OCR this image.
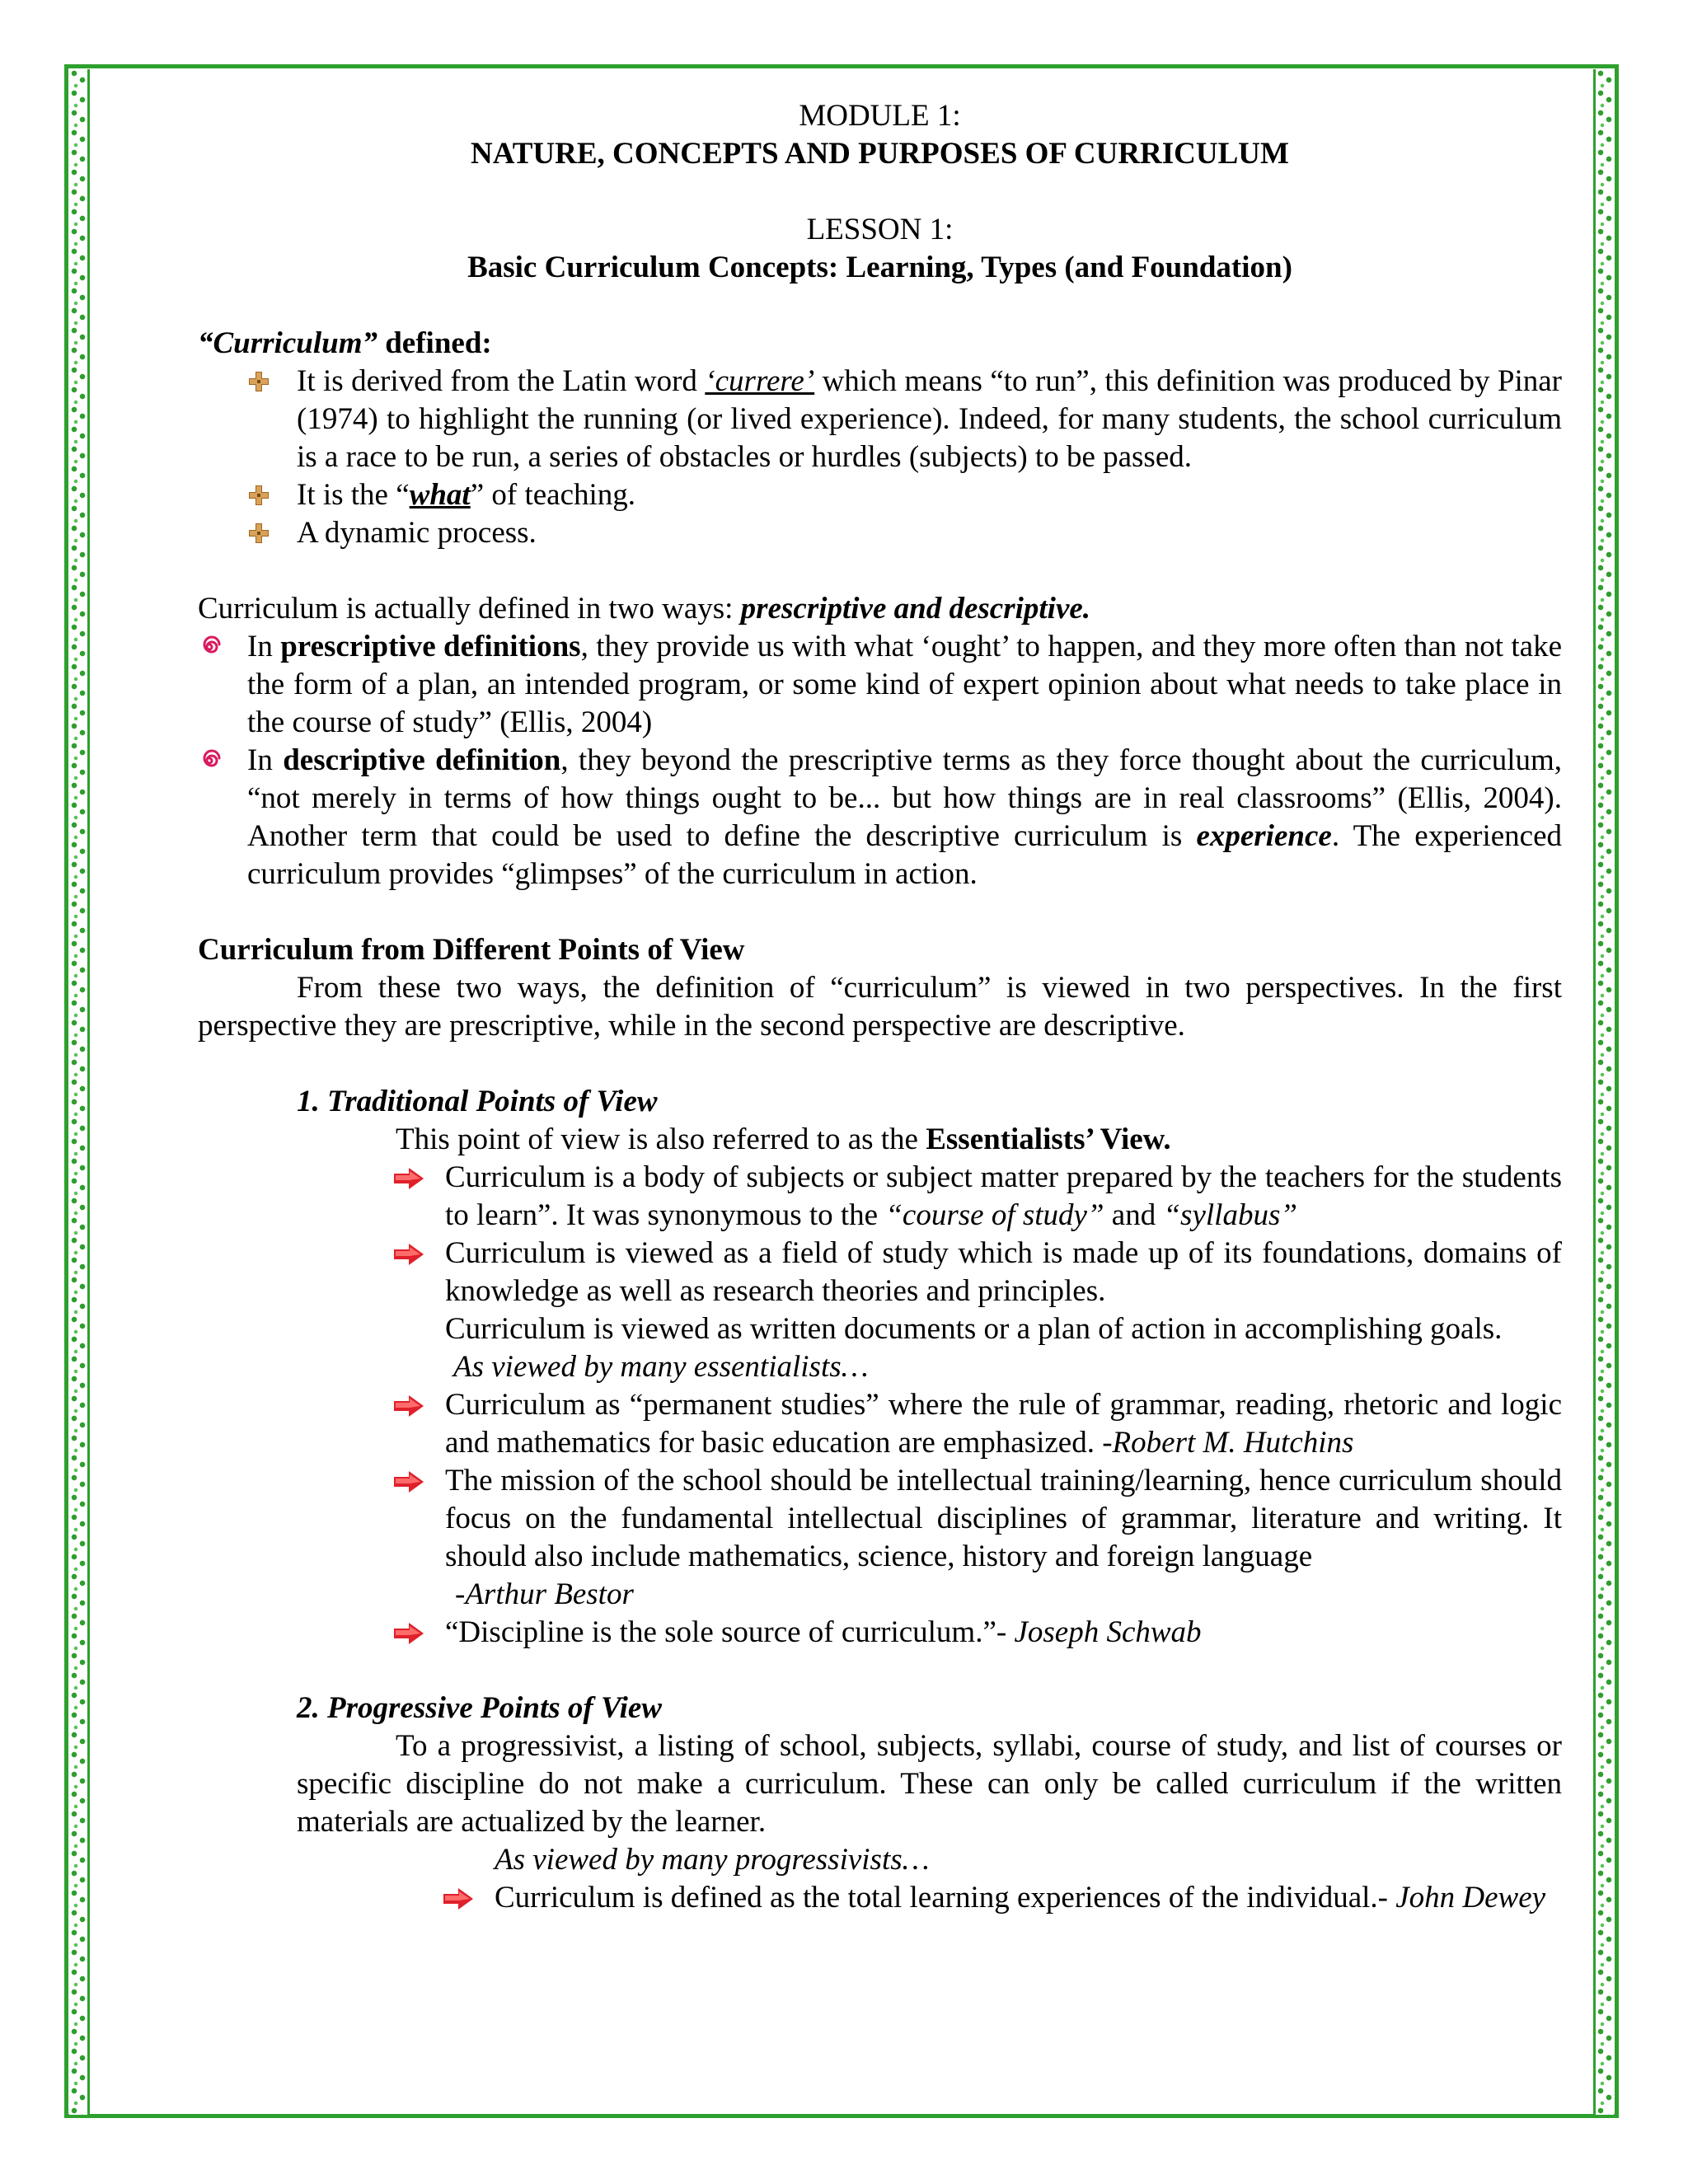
MODULE 1:

NATURE, CONCEPTS AND PURPOSES OF CURRICULUM

LESSON 1:

Basic Curriculum Concepts: Learning, Types (and Foundation)

“Curriculum” defined:

It is derived from the Latin word ‘currere’ which means “to run”, this definition was produced by Pinar (1974) to highlight the running (or lived experience). Indeed, for many students, the school curriculum is a race to be run, a series of obstacles or hurdles (subjects) to be passed.
It is the “what” of teaching.
A dynamic process.

Curriculum is actually defined in two ways: prescriptive and descriptive.

In prescriptive definitions, they provide us with what ‘ought’ to happen, and they more often than not take the form of a plan, an intended program, or some kind of expert opinion about what needs to take place in the course of study” (Ellis, 2004)
In descriptive definition, they beyond the prescriptive terms as they force thought about the curriculum, “not merely in terms of how things ought to be... but how things are in real classrooms” (Ellis, 2004). Another term that could be used to define the descriptive curriculum is experience. The experienced curriculum provides “glimpses” of the curriculum in action.

Curriculum from Different Points of View

From these two ways, the definition of “curriculum” is viewed in two perspectives. In the first perspective they are prescriptive, while in the second perspective are descriptive.

1. Traditional Points of View

This point of view is also referred to as the Essentialists’ View.

Curriculum is a body of subjects or subject matter prepared by the teachers for the students to learn”. It was synonymous to the “course of study” and “syllabus”
Curriculum is viewed as a field of study which is made up of its foundations, domains of knowledge as well as research theories and principles.

Curriculum is viewed as written documents or a plan of action in accomplishing goals.

As viewed by many essentialists…

Curriculum as “permanent studies” where the rule of grammar, reading, rhetoric and logic and mathematics for basic education are emphasized. -Robert M. Hutchins
The mission of the school should be intellectual training/learning, hence curriculum should focus on the fundamental intellectual disciplines of grammar, literature and writing. It should also include mathematics, science, history and foreign language

-Arthur Bestor

“Discipline is the sole source of curriculum.”- Joseph Schwab

2. Progressive Points of View

To a progressivist, a listing of school, subjects, syllabi, course of study, and list of courses or specific discipline do not make a curriculum. These can only be called curriculum if the written materials are actualized by the learner.

As viewed by many progressivists…

Curriculum is defined as the total learning experiences of the individual.- John Dewey
